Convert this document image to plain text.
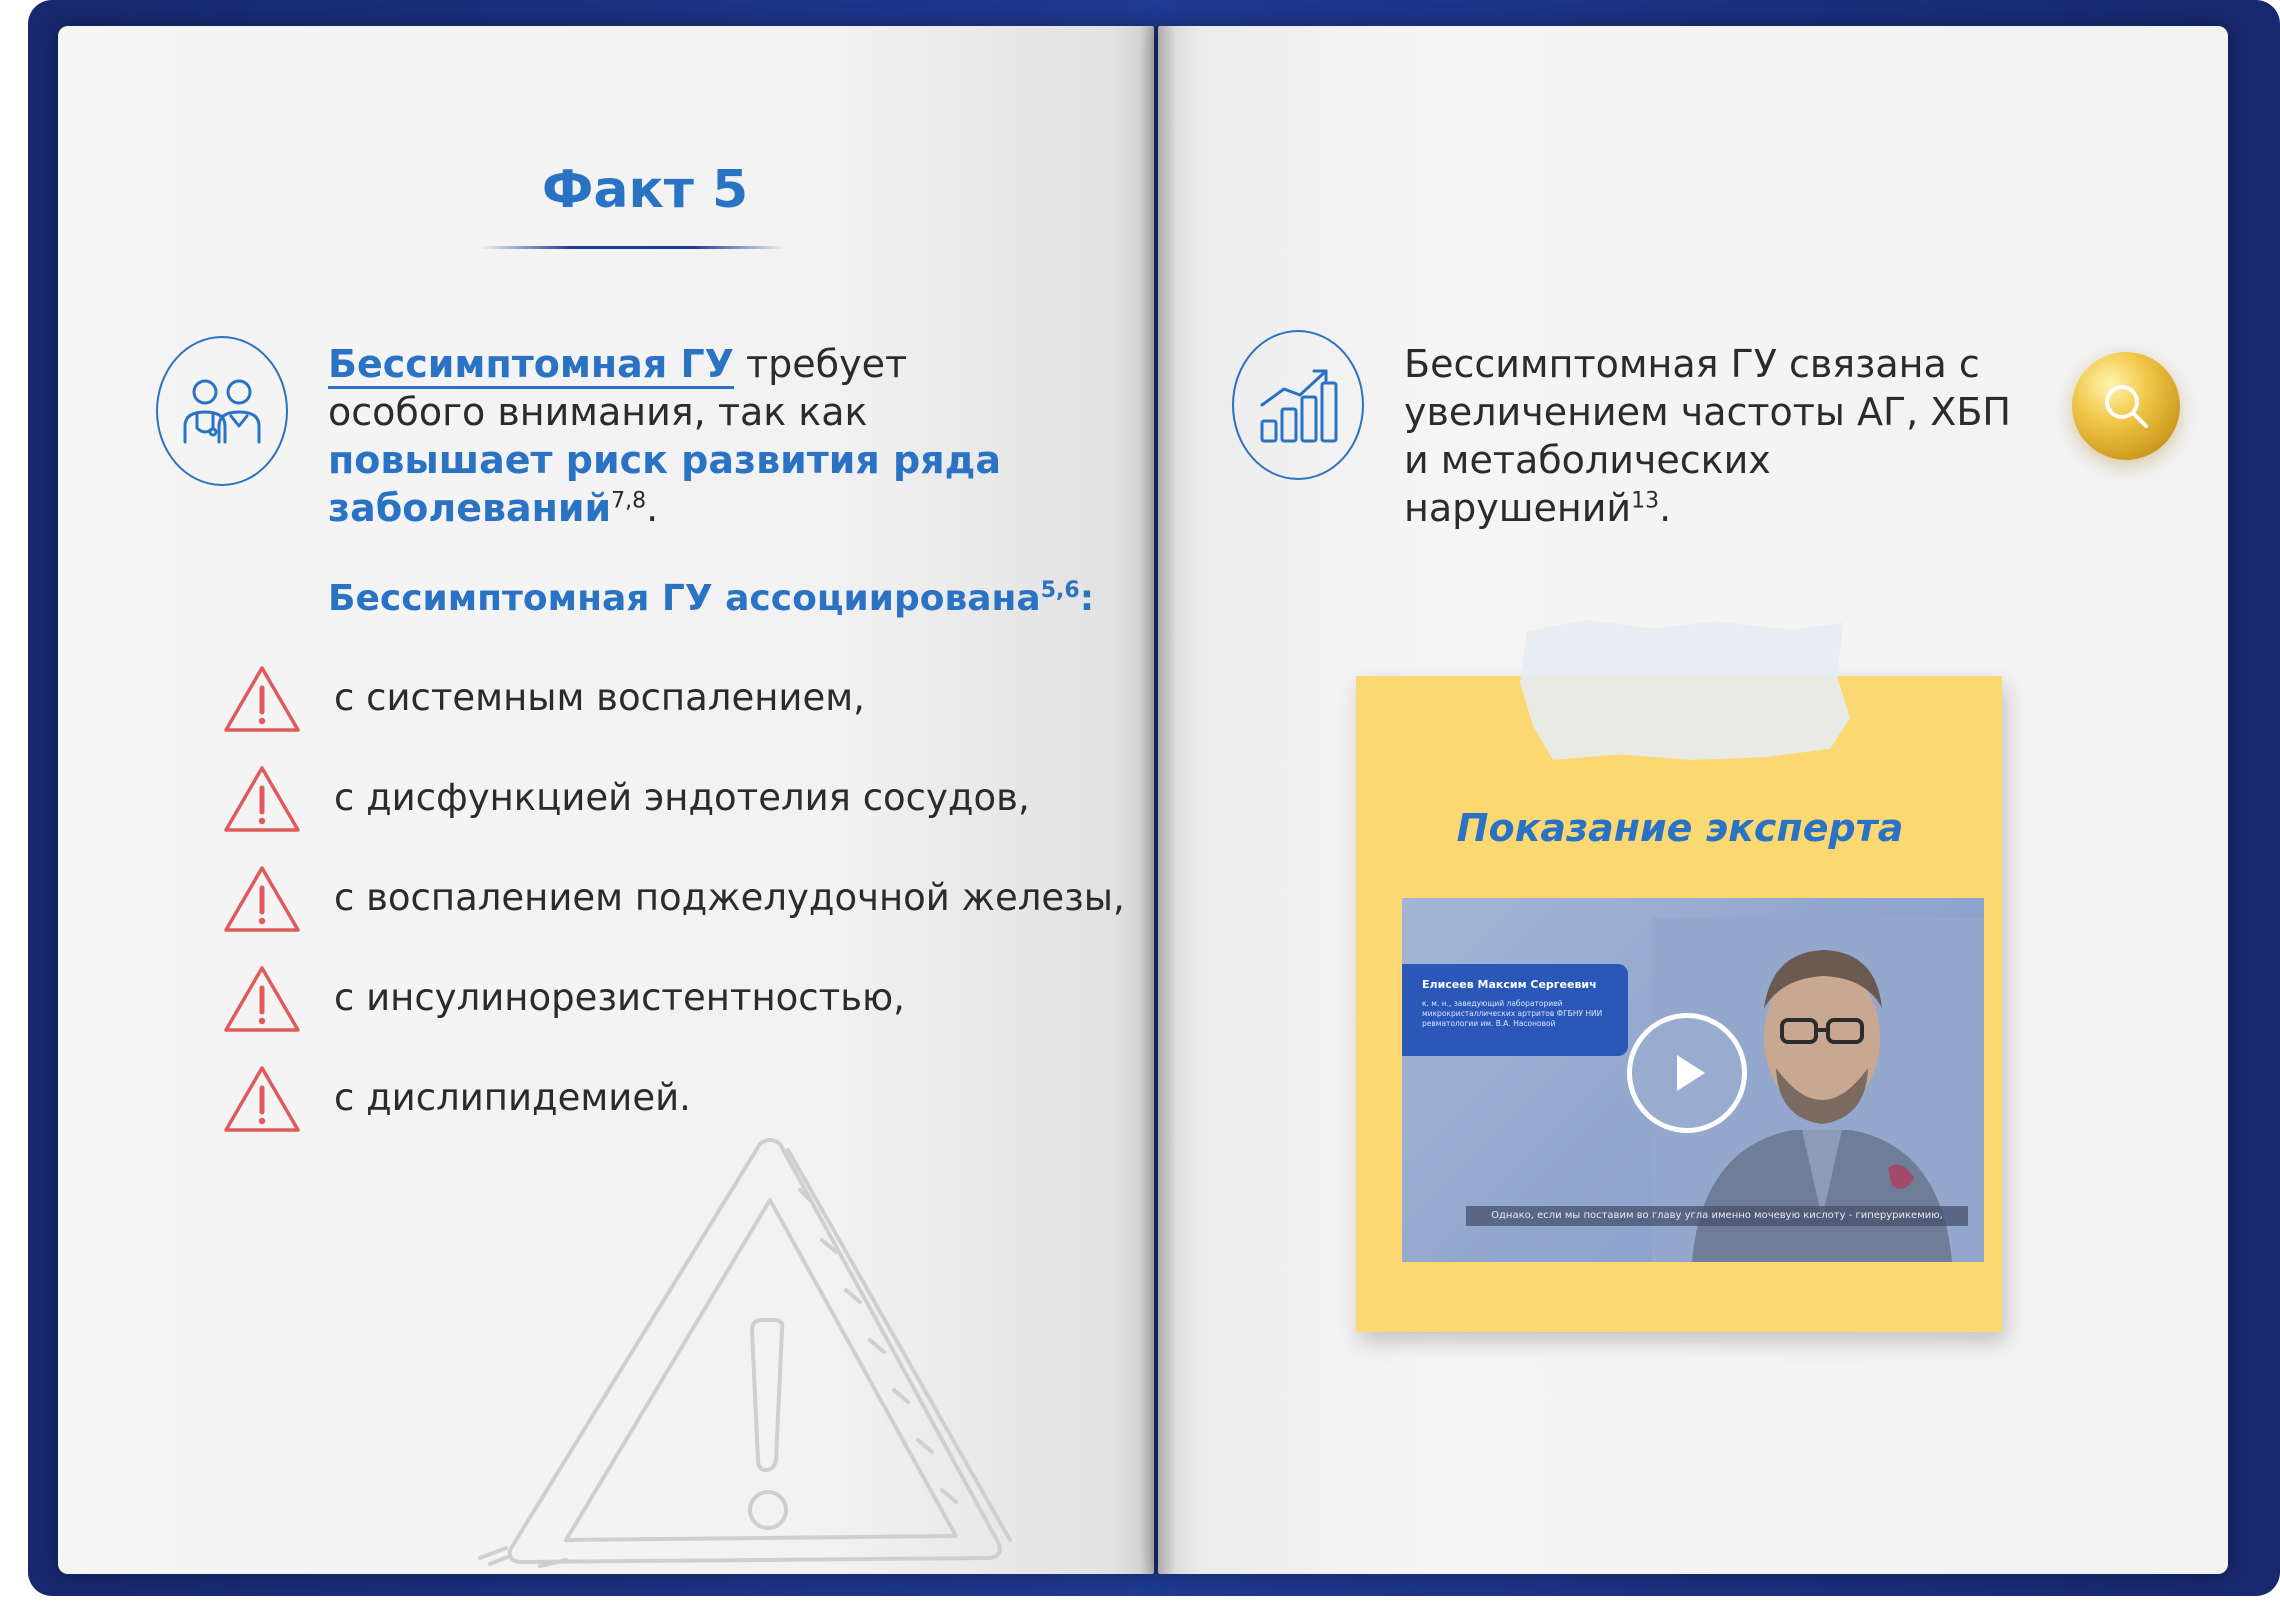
Факт 5
Бессимптомная ГУ требует особого внимания, так как повышает риск развития ряда заболеваний$^{7,8}$.
Бессимптомная ГУ ассоциирована$^{5,6}$:
с системным воспалением,
с дисфункцией эндотелия сосудов,
с воспалением поджелудочной железы,
с инсулинорезистентностью,
с дислипидемией.
Бессимптомная ГУ связана с
увеличением частоты АГ, ХБП
и метаболических нарушений$^{13}$.
Показание эксперта
Елисеев Максим Сергеевич
к. м. н., заведующий лабораторией микрокристаллических артритов ФГБНУ НИИ ревматологии им. В.А. Насоновой
Однако, если мы поставим во главу угла именно мочевую кислоту - гиперурикемию,
